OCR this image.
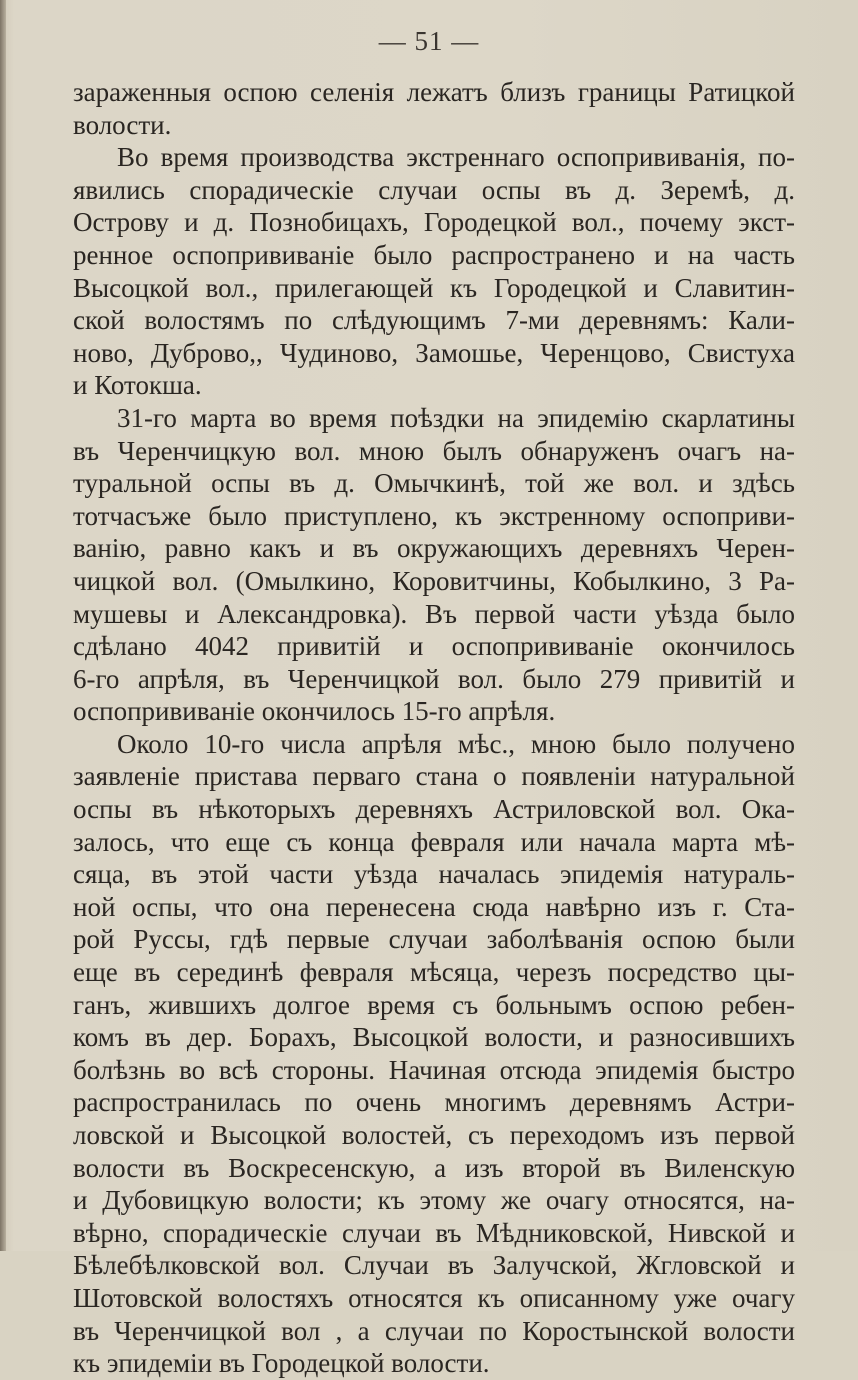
— 51 —
зараженныя оспою селенія лежатъ близъ границы Ратицкой
волости.
Во время производства экстреннаго оспопрививанія, по-
явились спорадическіе случаи оспы въ д. Зеремѣ, д.
Острову и д. Познобицахъ, Городецкой вол., почему экст-
ренное оспопрививаніе было распространено и на часть
Высоцкой вол., прилегающей къ Городецкой и Славитин-
ской волостямъ по слѣдующимъ 7-ми деревнямъ: Кали-
ново, Дуброво,, Чудиново, Замошье, Черенцово, Свистуха
и Котокша.
31-го марта во время поѣздки на эпидемію скарлатины
въ Черенчицкую вол. мною былъ обнаруженъ очагъ на-
туральной оспы въ д. Омычкинѣ, той же вол. и здѣсь
тотчасъже было приступлено, къ экстренному оспоприви-
ванію, равно какъ и въ окружающихъ деревняхъ Черен-
чицкой вол. (Омылкино, Коровитчины, Кобылкино, 3 Ра-
мушевы и Александровка). Въ первой части уѣзда было
сдѣлано 4042 привитій и оспопрививаніе окончилось
6-го апрѣля, въ Черенчицкой вол. было 279 привитій и
оспопрививаніе окончилось 15-го апрѣля.
Около 10-го числа апрѣля мѣс., мною было получено
заявленіе пристава перваго стана о появленіи натуральной
оспы въ нѣкоторыхъ деревняхъ Астриловской вол. Ока-
залось, что еще съ конца февраля или начала марта мѣ-
сяца, въ этой части уѣзда началась эпидемія натураль-
ной оспы, что она перенесена сюда навѣрно изъ г. Ста-
рой Руссы, гдѣ первые случаи заболѣванія оспою были
еще въ серединѣ февраля мѣсяца, черезъ посредство цы-
ганъ, жившихъ долгое время съ больнымъ оспою ребен-
комъ въ дер. Борахъ, Высоцкой волости, и разносившихъ
болѣзнь во всѣ стороны. Начиная отсюда эпидемія быстро
распространилась по очень многимъ деревнямъ Астри-
ловской и Высоцкой волостей, съ переходомъ изъ первой
волости въ Воскресенскую, а изъ второй въ Виленскую
и Дубовицкую волости; къ этому же очагу относятся, на-
вѣрно, спорадическіе случаи въ Мѣдниковской, Нивской и
Бѣлебѣлковской вол. Случаи въ Залучской, Жгловской и
Шотовской волостяхъ относятся къ описанному уже очагу
въ Черенчицкой вол , а случаи по Коростынской волости
къ эпидеміи въ Городецкой волости.
